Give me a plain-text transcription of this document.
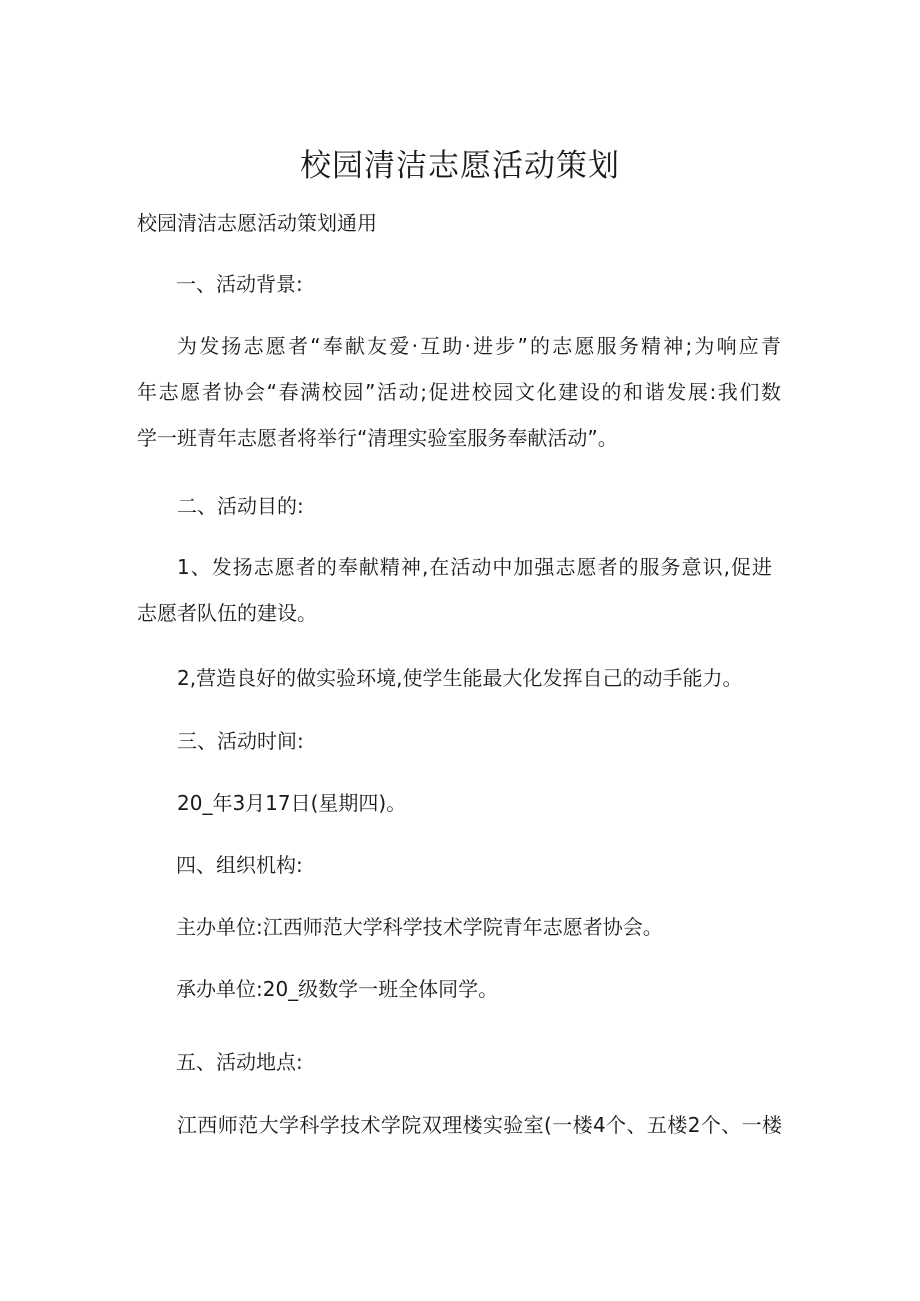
校园清洁志愿活动策划
校园清洁志愿活动策划通用
一、活动背景:
为发扬志愿者“奉献友爱·互助·进步”的志愿服务精神;为响应青
年志愿者协会“春满校园”活动;促进校园文化建设的和谐发展:我们数
学一班青年志愿者将举行“清理实验室服务奉献活动”。
二、活动目的:
1、发扬志愿者的奉献精神,在活动中加强志愿者的服务意识,促进
志愿者队伍的建设。
2,营造良好的做实验环境,使学生能最大化发挥自己的动手能力。
三、活动时间:
20_年3月17日(星期四)。
四、组织机构:
主办单位:江西师范大学科学技术学院青年志愿者协会。
承办单位:20_级数学一班全体同学。
五、活动地点:
江西师范大学科学技术学院双理楼实验室(一楼4个、五楼2个、一楼
